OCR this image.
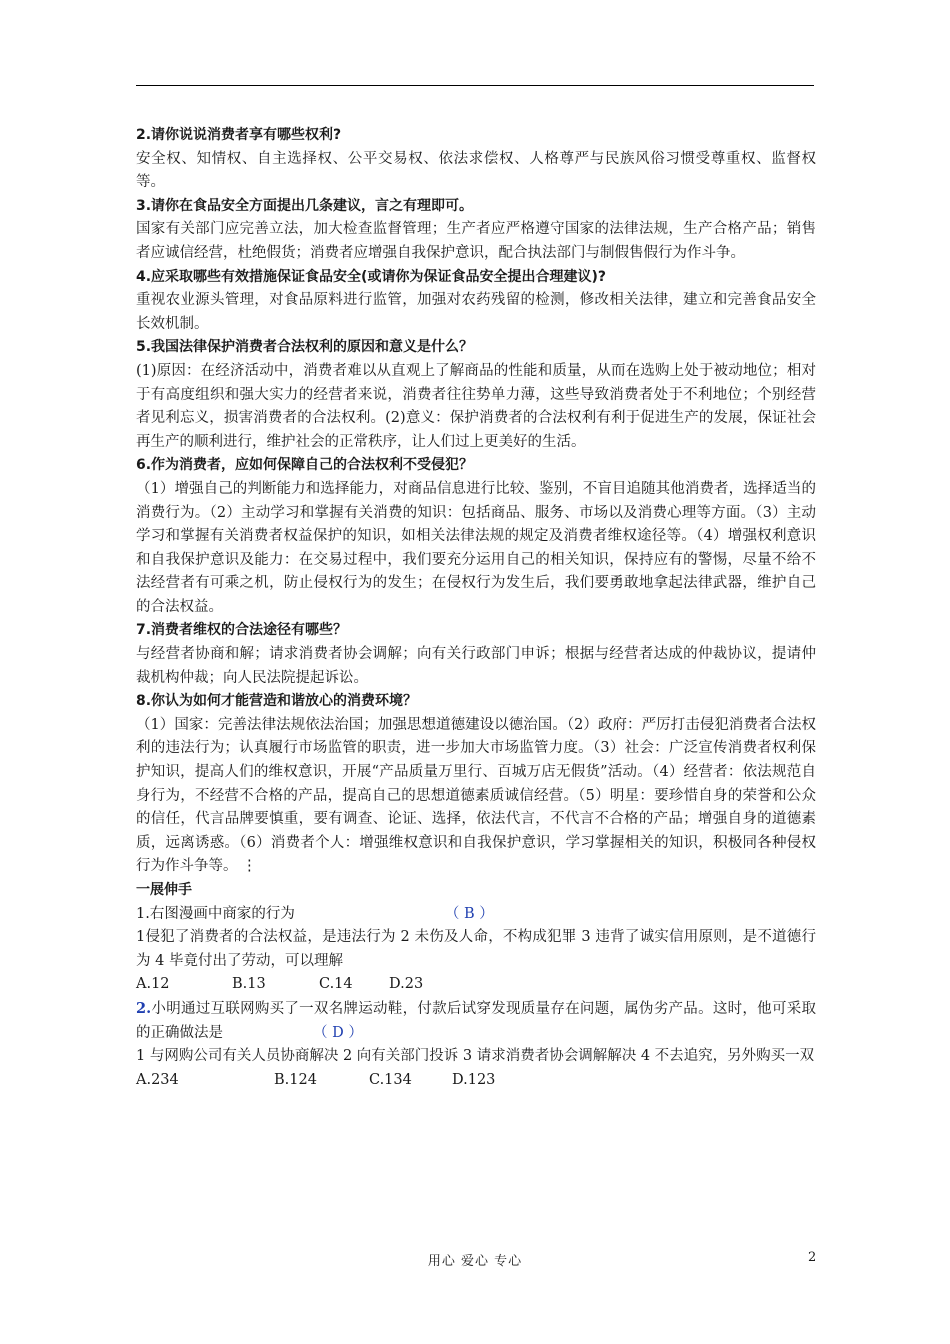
2.请你说说消费者享有哪些权利?

安全权、知情权、自主选择权、公平交易权、依法求偿权、人格尊严与民族风俗习惯受尊重权、监督权等。

3.请你在食品安全方面提出几条建议，言之有理即可。

国家有关部门应完善立法，加大检查监督管理；生产者应严格遵守国家的法律法规，生产合格产品；销售者应诚信经营，杜绝假货；消费者应增强自我保护意识，配合执法部门与制假售假行为作斗争。

4.应采取哪些有效措施保证食品安全(或请你为保证食品安全提出合理建议)?

重视农业源头管理，对食品原料进行监管，加强对农药残留的检测，修改相关法律，建立和完善食品安全长效机制。

5.我国法律保护消费者合法权利的原因和意义是什么？

(1)原因：在经济活动中，消费者难以从直观上了解商品的性能和质量，从而在选购上处于被动地位；相对于有高度组织和强大实力的经营者来说，消费者往往势单力薄，这些导致消费者处于不利地位；个别经营者见利忘义，损害消费者的合法权利。(2)意义：保护消费者的合法权利有利于促进生产的发展，保证社会再生产的顺利进行，维护社会的正常秩序，让人们过上更美好的生活。

6.作为消费者，应如何保障自己的合法权利不受侵犯？

（1）增强自己的判断能力和选择能力，对商品信息进行比较、鉴别，不盲目追随其他消费者，选择适当的消费行为。（2）主动学习和掌握有关消费的知识：包括商品、服务、市场以及消费心理等方面。（3）主动学习和掌握有关消费者权益保护的知识，如相关法律法规的规定及消费者维权途径等。（4）增强权利意识和自我保护意识及能力：在交易过程中，我们要充分运用自己的相关知识，保持应有的警惕，尽量不给不法经营者有可乘之机，防止侵权行为的发生；在侵权行为发生后，我们要勇敢地拿起法律武器，维护自己的合法权益。

7.消费者维权的合法途径有哪些？

与经营者协商和解；请求消费者协会调解；向有关行政部门申诉；根据与经营者达成的仲裁协议，提请仲裁机构仲裁；向人民法院提起诉讼。

8.你认为如何才能营造和谐放心的消费环境？

（1）国家：完善法律法规依法治国；加强思想道德建设以德治国。（2）政府：严厉打击侵犯消费者合法权利的违法行为；认真履行市场监管的职责，进一步加大市场监管力度。（3）社会：广泛宣传消费者权利保护知识，提高人们的维权意识，开展“产品质量万里行、百城万店无假货”活动。（4）经营者：依法规范自身行为，不经营不合格的产品，提高自己的思想道德素质诚信经营。（5）明星：要珍惜自身的荣誉和公众的信任，代言品牌要慎重，要有调查、论证、选择，依法代言，不代言不合格的产品；增强自身的道德素质，远离诱惑。（6）消费者个人：增强维权意识和自我保护意识，学习掌握相关的知识，积极同各种侵权行为作斗争等。 ⋮

一展伸手

1.右图漫画中商家的行为	（ B ）

1侵犯了消费者的合法权益，是违法行为 2 未伤及人命，不构成犯罪 3 违背了诚实信用原则，是不道德行为 4 毕竟付出了劳动，可以理解

A.12	B.13	C.14	D.23

2.小明通过互联网购买了一双名牌运动鞋，付款后试穿发现质量存在问题，属伪劣产品。这时，他可采取的正确做法是	（ D ）

1 与网购公司有关人员协商解决 2 向有关部门投诉 3 请求消费者协会调解解决 4 不去追究，另外购买一双

A.234	B.124	C.134	D.123

用心 爱心 专心	2
